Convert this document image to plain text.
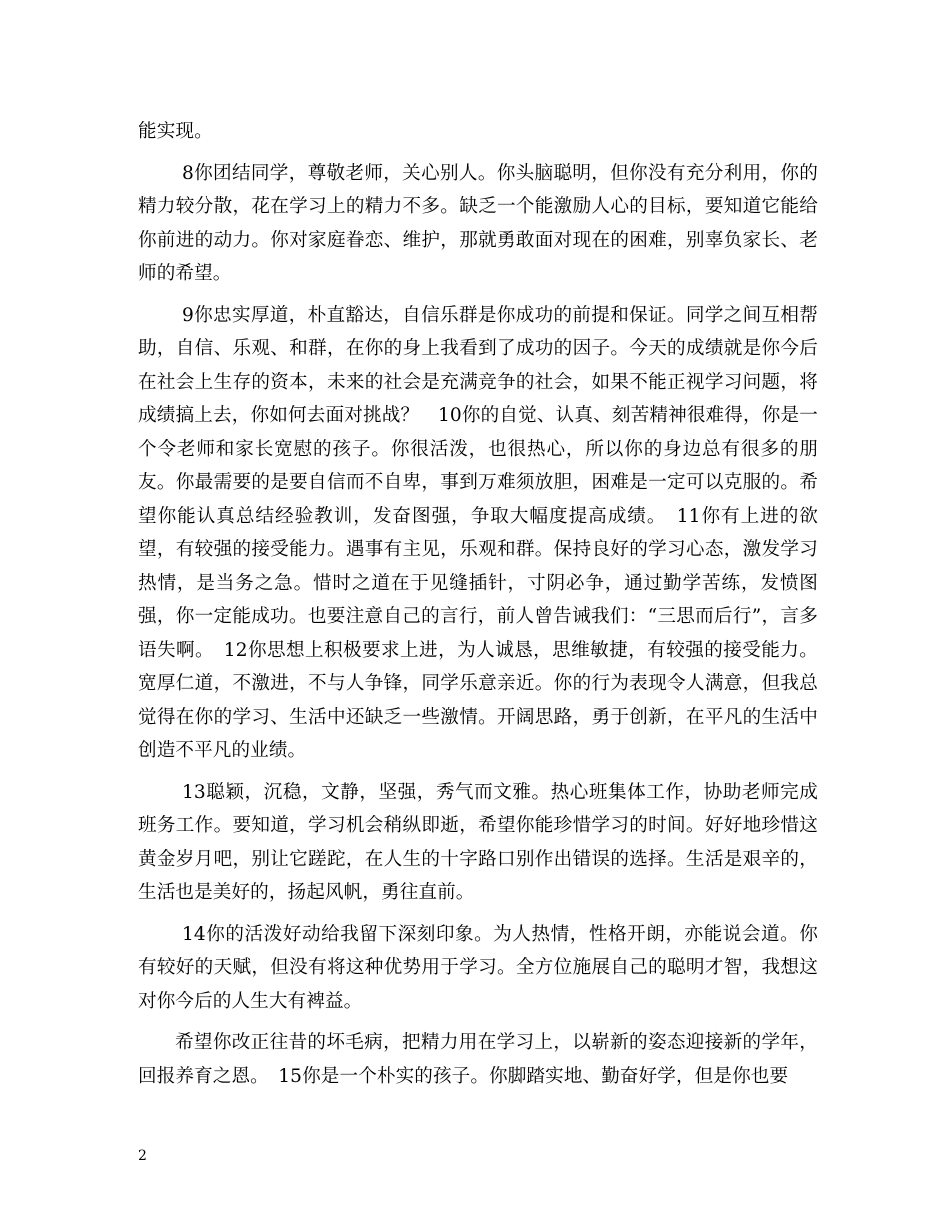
能实现。

8你团结同学，尊敬老师，关心别人。你头脑聪明，但你没有充分利用，你的精力较分散，花在学习上的精力不多。缺乏一个能激励人心的目标，要知道它能给你前进的动力。你对家庭眷恋、维护，那就勇敢面对现在的困难，别辜负家长、老师的希望。

9你忠实厚道，朴直豁达，自信乐群是你成功的前提和保证。同学之间互相帮助，自信、乐观、和群，在你的身上我看到了成功的因子。今天的成绩就是你今后在社会上生存的资本，未来的社会是充满竞争的社会，如果不能正视学习问题，将成绩搞上去，你如何去面对挑战？　10你的自觉、认真、刻苦精神很难得，你是一个令老师和家长宽慰的孩子。你很活泼，也很热心，所以你的身边总有很多的朋友。你最需要的是要自信而不自卑，事到万难须放胆，困难是一定可以克服的。希望你能认真总结经验教训，发奋图强，争取大幅度提高成绩。　11你有上进的欲望，有较强的接受能力。遇事有主见，乐观和群。保持良好的学习心态，激发学习热情，是当务之急。惜时之道在于见缝插针，寸阴必争，通过勤学苦练，发愤图强，你一定能成功。也要注意自己的言行，前人曾告诫我们：“三思而后行”，言多语失啊。　12你思想上积极要求上进，为人诚恳，思维敏捷，有较强的接受能力。宽厚仁道，不激进，不与人争锋，同学乐意亲近。你的行为表现令人满意，但我总觉得在你的学习、生活中还缺乏一些激情。开阔思路，勇于创新，在平凡的生活中创造不平凡的业绩。

13聪颖，沉稳，文静，坚强，秀气而文雅。热心班集体工作，协助老师完成班务工作。要知道，学习机会稍纵即逝，希望你能珍惜学习的时间。好好地珍惜这黄金岁月吧，别让它蹉跎，在人生的十字路口别作出错误的选择。生活是艰辛的，生活也是美好的，扬起风帆，勇往直前。

14你的活泼好动给我留下深刻印象。为人热情，性格开朗，亦能说会道。你有较好的天赋，但没有将这种优势用于学习。全方位施展自己的聪明才智，我想这对你今后的人生大有裨益。

希望你改正往昔的坏毛病，把精力用在学习上，以崭新的姿态迎接新的学年，回报养育之恩。　15你是一个朴实的孩子。你脚踏实地、勤奋好学，但是你也要

2
